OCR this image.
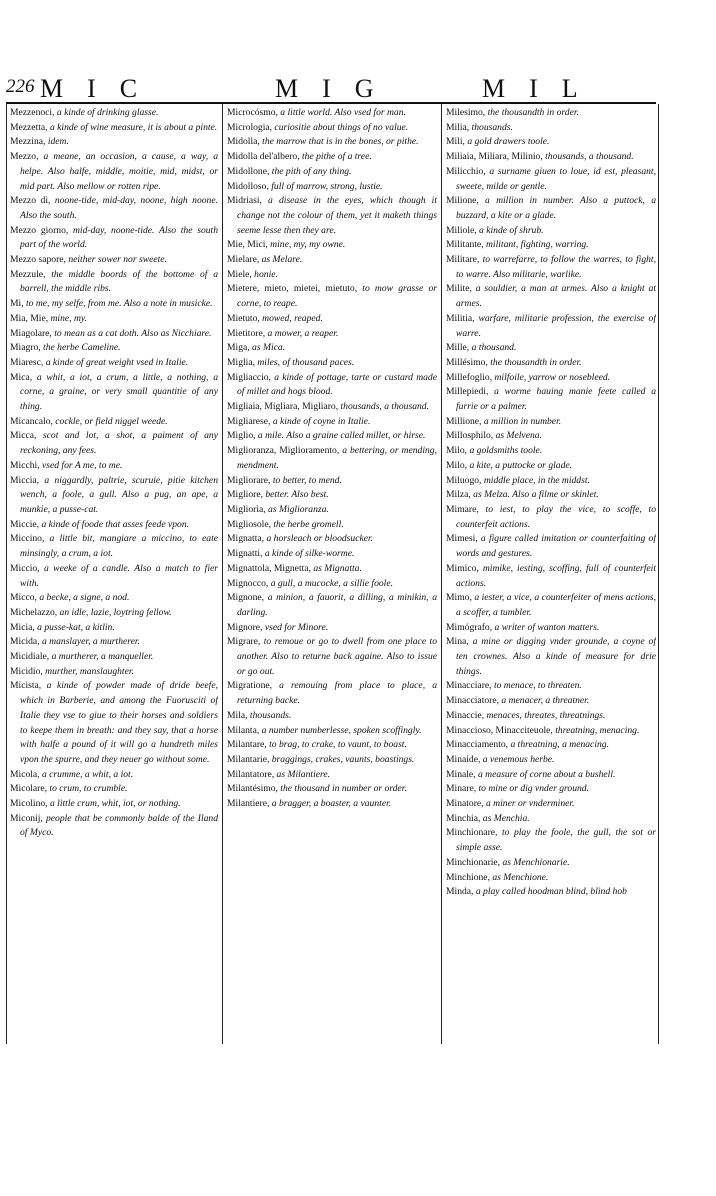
226 MIC	MIG	MIL

Mezzenoci, a kinde of drinking glasse.

Mezzetta, a kinde of wine measure, it is about a pinte.

Mezzina, idem.

Mezzo, a meane, an occasion, a cause, a way, a helpe. Also halfe, middle, moitie, mid, midst, or mid part. Also mellow or rotten ripe.

Mezzo dì, noone-tide, mid-day, noone, high noone. Also the south.

Mezzo giorno, mid-day, noone-tide. Also the south part of the world.

Mezzo sapore, neither sower nor sweete.

Mezzule, the middle boords of the bottome of a barrell, the middle ribs.

Mi, to me, my selfe, from me. Also a note in musicke.

Mia, Mie, mine, my.

Miagolare, to mean as a cat doth. Also as Nicchiare.

Miagro, the herbe Cameline.

Miaresc, a kinde of great weight vsed in Italie.

Mica, a whit, a iot, a crum, a little, a nothing, a corne, a graine, or very small quantitie of any thing.

Micancalo, cockle, or field niggel weede.

Micca, scot and lot, a shot, a paiment of any reckoning, any fees.

Micchi, vsed for A me, to me.

Miccia, a niggardly, paltrie, scuruie, pitie kitchen wench, a foole, a gull. Also a pug, an ape, a munkie, a pusse-cat.

Miccie, a kinde of foode that asses feede vpon.

Miccino, a little bit, mangiare a miccino, to eate minsingly, a crum, a iot.

Miccio, a weeke of a candle. Also a match to fier with.

Micco, a becke, a signe, a nod.

Michelazzo, an idle, lazie, loytring fellow.

Micia, a pusse-kat, a kitlin.

Micida, a manslayer, a murtherer.

Micidiale, a murtherer, a manqueller.

Micidio, murther, manslaughter.

Micista, a kinde of powder made of dride beefe, which in Barberie, and among the Fuorusciti of Italie they vse to giue to their horses and soldiers to keepe them in breath: and they say, that a horse with halfe a pound of it will go a hundreth miles vpon the spurre, and they neuer go without some.

Micola, a crumme, a whit, a iot.

Micolare, to crum, to crumble.

Micolino, a little crum, whit, iot, or nothing.

Miconij, people that be commonly balde of the Iland of Myco.

Microcósmo, a little world. Also vsed for man.

Micrologia, curiositie about things of no value.

Midolla, the marrow that is in the bones, or pithe.

Midolla del'albero, the pithe of a tree.

Midollone, the pith of any thing.

Midolloso, full of marrow, strong, lustie.

Midriasi, a disease in the eyes, which though it change not the colour of them, yet it maketh things seeme lesse then they are.

Mie, Mici, mine, my, my owne.

Mielare, as Melare.

Miele, honie.

Mietere, mieto, mietei, mietuto, to mow grasse or corne, to reape.

Mietuto, mowed, reaped.

Mietitore, a mower, a reaper.

Miga, as Mica.

Miglia, miles, of thousand paces.

Migliaccio, a kinde of pottage, tarte or custard made of millet and hogs blood.

Migliaia, Migliara, Migliaro, thousands, a thousand.

Migliarese, a kinde of coyne in Italie.

Miglio, a mile. Also a graine called millet, or hirse.

Miglioranza, Miglioramento, a bettering, or mending, mendment.

Migliorare, to better, to mend.

Migliore, better. Also best.

Migliorìa, as Miglioranza.

Migliosole, the herbe gromell.

Mignatta, a horsleach or bloodsucker.

Mignatti, a kinde of silke-worme.

Mignattola, Mignetta, as Mignatta.

Mignocco, a gull, a mucocke, a sillie foole.

Mignone, a minion, a fauorit, a dilling, a minikin, a darling.

Mignore, vsed for Minore.

Migrare, to remoue or go to dwell from one place to another. Also to returne back againe. Also to issue or go out.

Migratione, a remouing from place to place, a returning backe.

Mila, thousands.

Milanta, a number numberlesse, spoken scoffingly.

Milantare, to brag, to crake, to vaunt, to boast.

Milantarie, braggings, crakes, vaunts, boastings.

Milantatore, as Milantiere.

Milantésimo, the thousand in number or order.

Milantiere, a bragger, a boaster, a vaunter.

Milesimo, the thousandth in order.

Milia, thousands.

Mili, a gold drawers toole.

Miliaia, Miliara, Milinio, thousands, a thousand.

Milicchio, a surname giuen to loue, id est, pleasant, sweete, milde or gentle.

Milione, a million in number. Also a puttock, a buzzard, a kite or a glade.

Miliole, a kinde of shrub.

Militante, militant, fighting, warring.

Militare, to warrefarre, to follow the warres, to fight, to warre. Also militarie, warlike.

Milite, a souldier, a man at armes. Also a knight at armes.

Militia, warfare, militarie profession, the exercise of warre.

Mille, a thousand.

Millésimo, the thousandth in order.

Millefoglio, milfoile, yarrow or nosebleed.

Millepiedi, a worme hauing manie feete called a furrie or a palmer.

Millione, a million in number.

Millosphilo, as Melvena.

Milo, a goldsmiths toole.

Milo, a kite, a puttocke or glade.

Miluogo, middle place, in the middst.

Milza, as Melza. Also a filme or skinlet.

Mimare, to iest, to play the vice, to scoffe, to counterfeit actions.

Mimesi, a figure called imitation or counterfaiting of words and gestures.

Mimico, mimike, iesting, scoffing, full of counterfeit actions.

Mimo, a iester, a vice, a counterfeiter of mens actions, a scoffer, a tumbler.

Mimógrafo, a writer of wanton matters.

Mina, a mine or digging vnder grounde, a coyne of ten crownes. Also a kinde of measure for drie things.

Minacciare, to menace, to threaten.

Minacciatore, a menacer, a threatner.

Minaccie, menaces, threates, threatnings.

Minaccioso, Minacciteuole, threatning, menacing.

Minacciamento, a threatning, a menacing.

Minaide, a venemous herbe.

Minale, a measure of corne about a bushell.

Minare, to mine or dig vnder ground.

Minatore, a miner or vnderminer.

Minchia, as Menchia.

Minchionare, to play the foole, the gull, the sot or simple asse.

Minchionarie, as Menchionarie.

Minchione, as Menchione.

Minda, a play called hoodman blind, blind hob
